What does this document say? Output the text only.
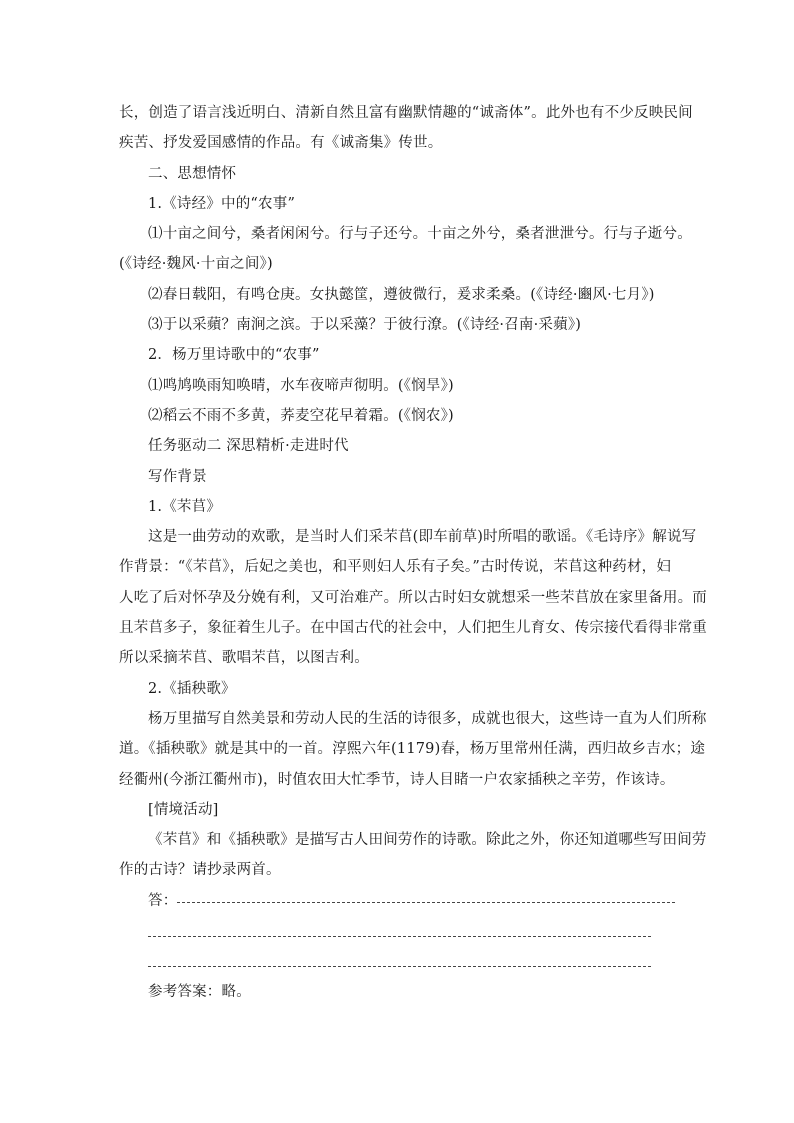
长，创造了语言浅近明白、清新自然且富有幽默情趣的“诚斋体”。此外也有不少反映民间
疾苦、抒发爱国感情的作品。有《诚斋集》传世。
二、思想情怀
1.《诗经》中的“农事”
⑴十亩之间兮，桑者闲闲兮。行与子还兮。十亩之外兮，桑者泄泄兮。行与子逝兮。
(《诗经·魏风·十亩之间》)
⑵春日载阳，有鸣仓庚。女执懿筐，遵彼微行，爰求柔桑。(《诗经·豳风·七月》)
⑶于以采蘋？南涧之滨。于以采藻？于彼行潦。(《诗经·召南·采蘋》)
2．杨万里诗歌中的“农事”
⑴鸣鸠唤雨知唤晴，水车夜啼声彻明。(《悯旱》)
⑵稻云不雨不多黄，荞麦空花早着霜。(《悯农》)
任务驱动二 深思精析·走进时代
写作背景
1.《芣苢》
这是一曲劳动的欢歌，是当时人们采芣苢(即车前草)时所唱的歌谣。《毛诗序》解说写
作背景：“《芣苢》，后妃之美也，和平则妇人乐有子矣。”古时传说，芣苢这种药材，妇
人吃了后对怀孕及分娩有利，又可治难产。所以古时妇女就想采一些芣苢放在家里备用。而
且芣苢多子，象征着生儿子。在中国古代的社会中，人们把生儿育女、传宗接代看得非常重
所以采摘芣苢、歌唱芣苢，以图吉利。
2.《插秧歌》
杨万里描写自然美景和劳动人民的生活的诗很多，成就也很大，这些诗一直为人们所称
道。《插秧歌》就是其中的一首。淳熙六年(1179)春，杨万里常州任满，西归故乡吉水；途
经衢州(今浙江衢州市)，时值农田大忙季节，诗人目睹一户农家插秧之辛劳，作该诗。
[情境活动]
《芣苢》和《插秧歌》是描写古人田间劳作的诗歌。除此之外，你还知道哪些写田间劳
作的古诗？请抄录两首。
答：
参考答案：略。
